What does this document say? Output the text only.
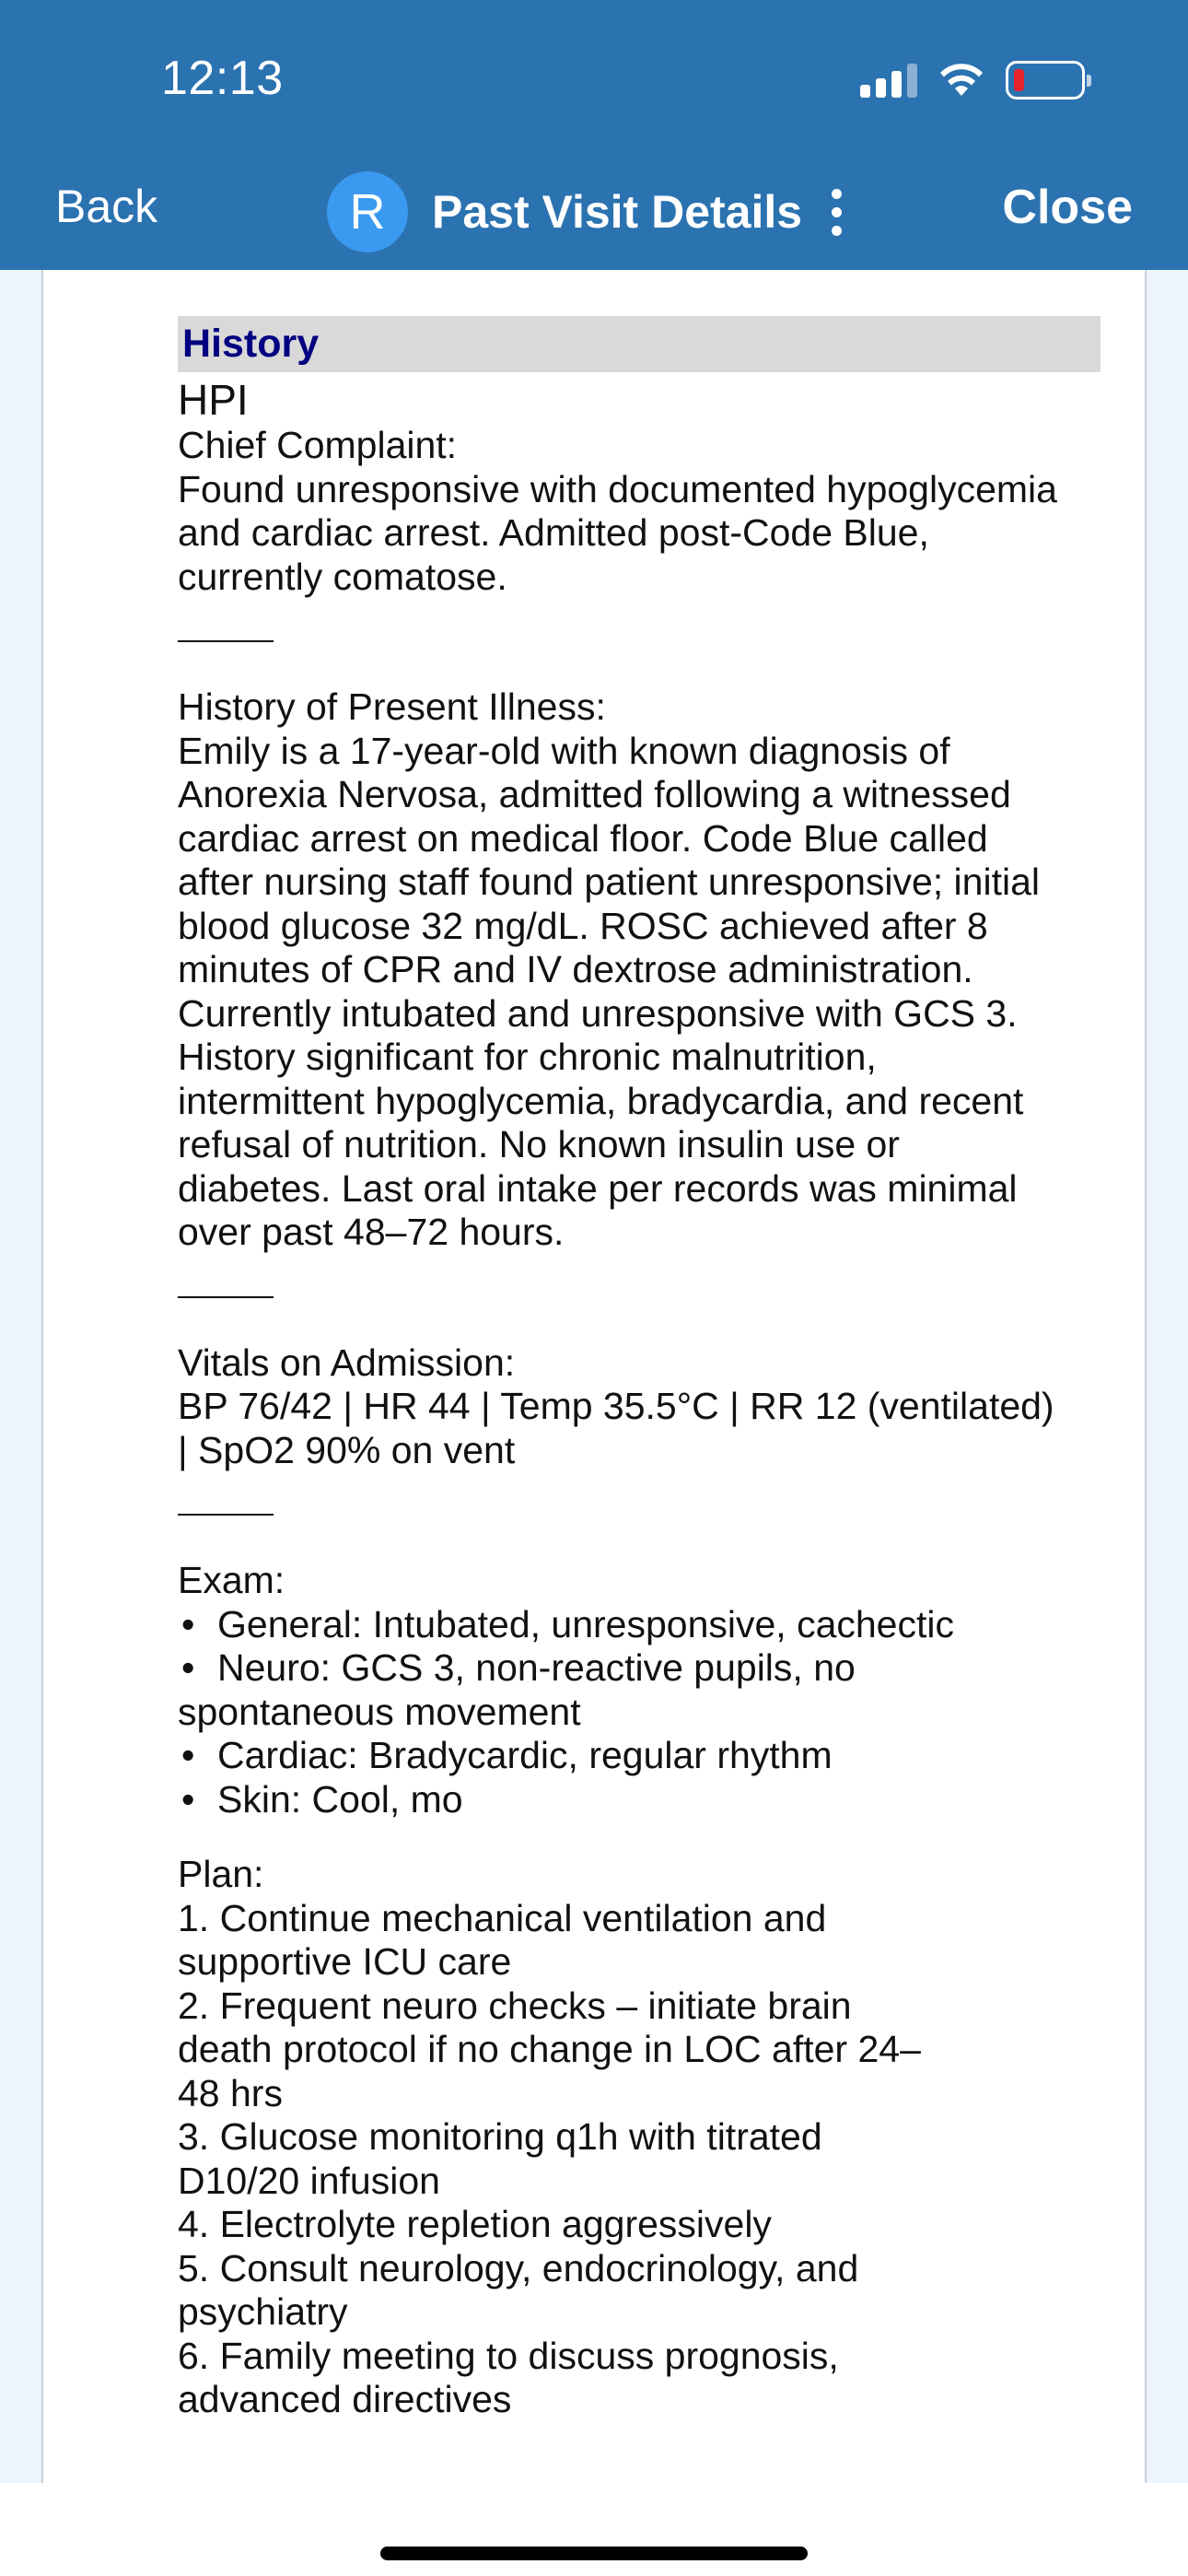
12:13
Back	R	Past Visit Details	Close
History
HPI
Chief Complaint:
Found unresponsive with documented hypoglycemia
and cardiac arrest. Admitted post-Code Blue,
currently comatose.
History of Present Illness:
Emily is a 17-year-old with known diagnosis of
Anorexia Nervosa, admitted following a witnessed
cardiac arrest on medical floor. Code Blue called
after nursing staff found patient unresponsive; initial
blood glucose 32 mg/dL. ROSC achieved after 8
minutes of CPR and IV dextrose administration.
Currently intubated and unresponsive with GCS 3.
History significant for chronic malnutrition,
intermittent hypoglycemia, bradycardia, and recent
refusal of nutrition. No known insulin use or
diabetes. Last oral intake per records was minimal
over past 48–72 hours.
Vitals on Admission:
BP 76/42 | HR 44 | Temp 35.5°C | RR 12 (ventilated)
| SpO2 90% on vent
Exam:
• General: Intubated, unresponsive, cachectic
• Neuro: GCS 3, non-reactive pupils, no
spontaneous movement
• Cardiac: Bradycardic, regular rhythm
• Skin: Cool, mo
Plan:
1. Continue mechanical ventilation and
supportive ICU care
2. Frequent neuro checks – initiate brain
death protocol if no change in LOC after 24–
48 hrs
3. Glucose monitoring q1h with titrated
D10/20 infusion
4. Electrolyte repletion aggressively
5. Consult neurology, endocrinology, and
psychiatry
6. Family meeting to discuss prognosis,
advanced directives
